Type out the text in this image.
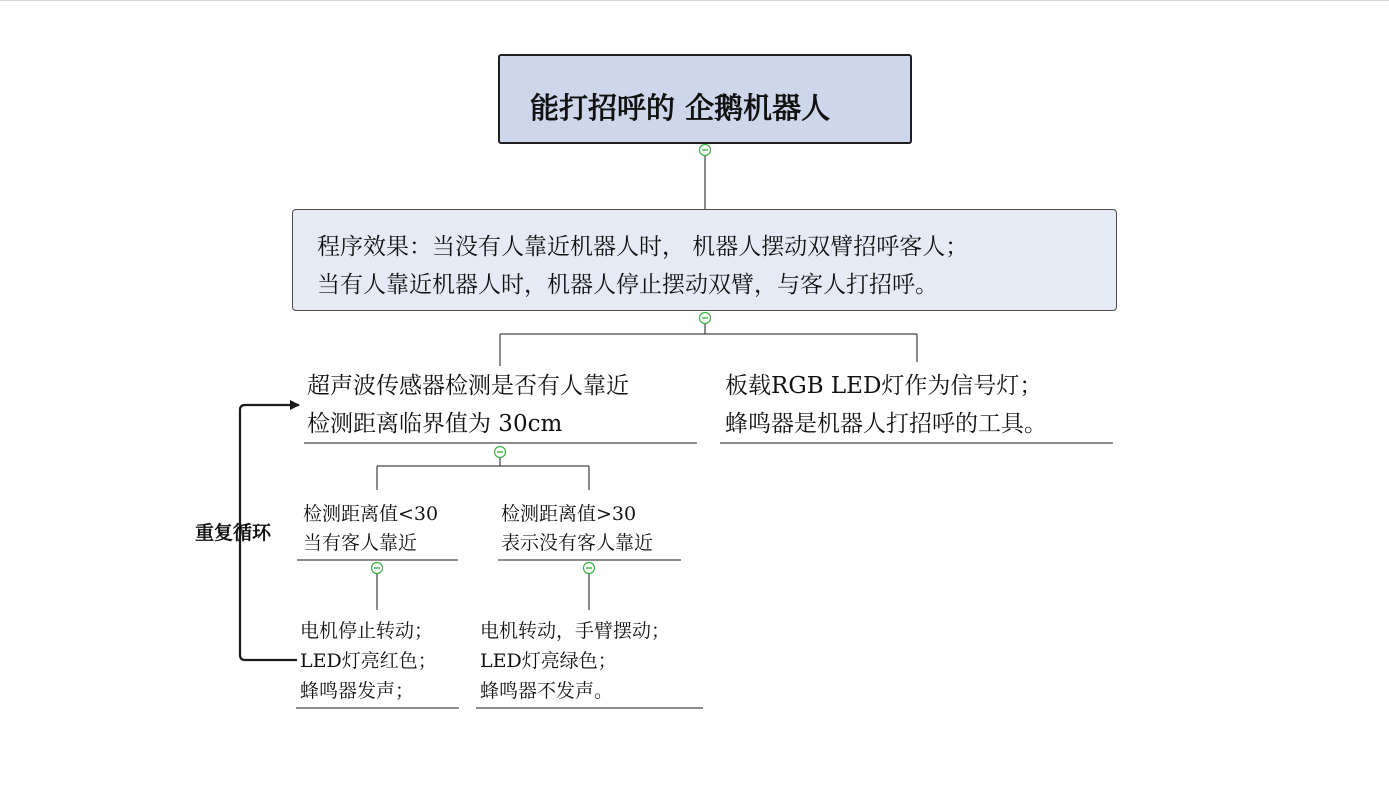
能打招呼的 企鹅机器人
程序效果：当没有人靠近机器人时， 机器人摆动双臂招呼客人；
当有人靠近机器人时，机器人停止摆动双臂，与客人打招呼。
超声波传感器检测是否有人靠近
检测距离临界值为 30cm
板载RGB LED灯作为信号灯；
蜂鸣器是机器人打招呼的工具。
检测距离值<30
当有客人靠近
检测距离值>30
表示没有客人靠近
电机停止转动；
LED灯亮红色；
蜂鸣器发声；
电机转动，手臂摆动；
LED灯亮绿色；
蜂鸣器不发声。
重复循环
